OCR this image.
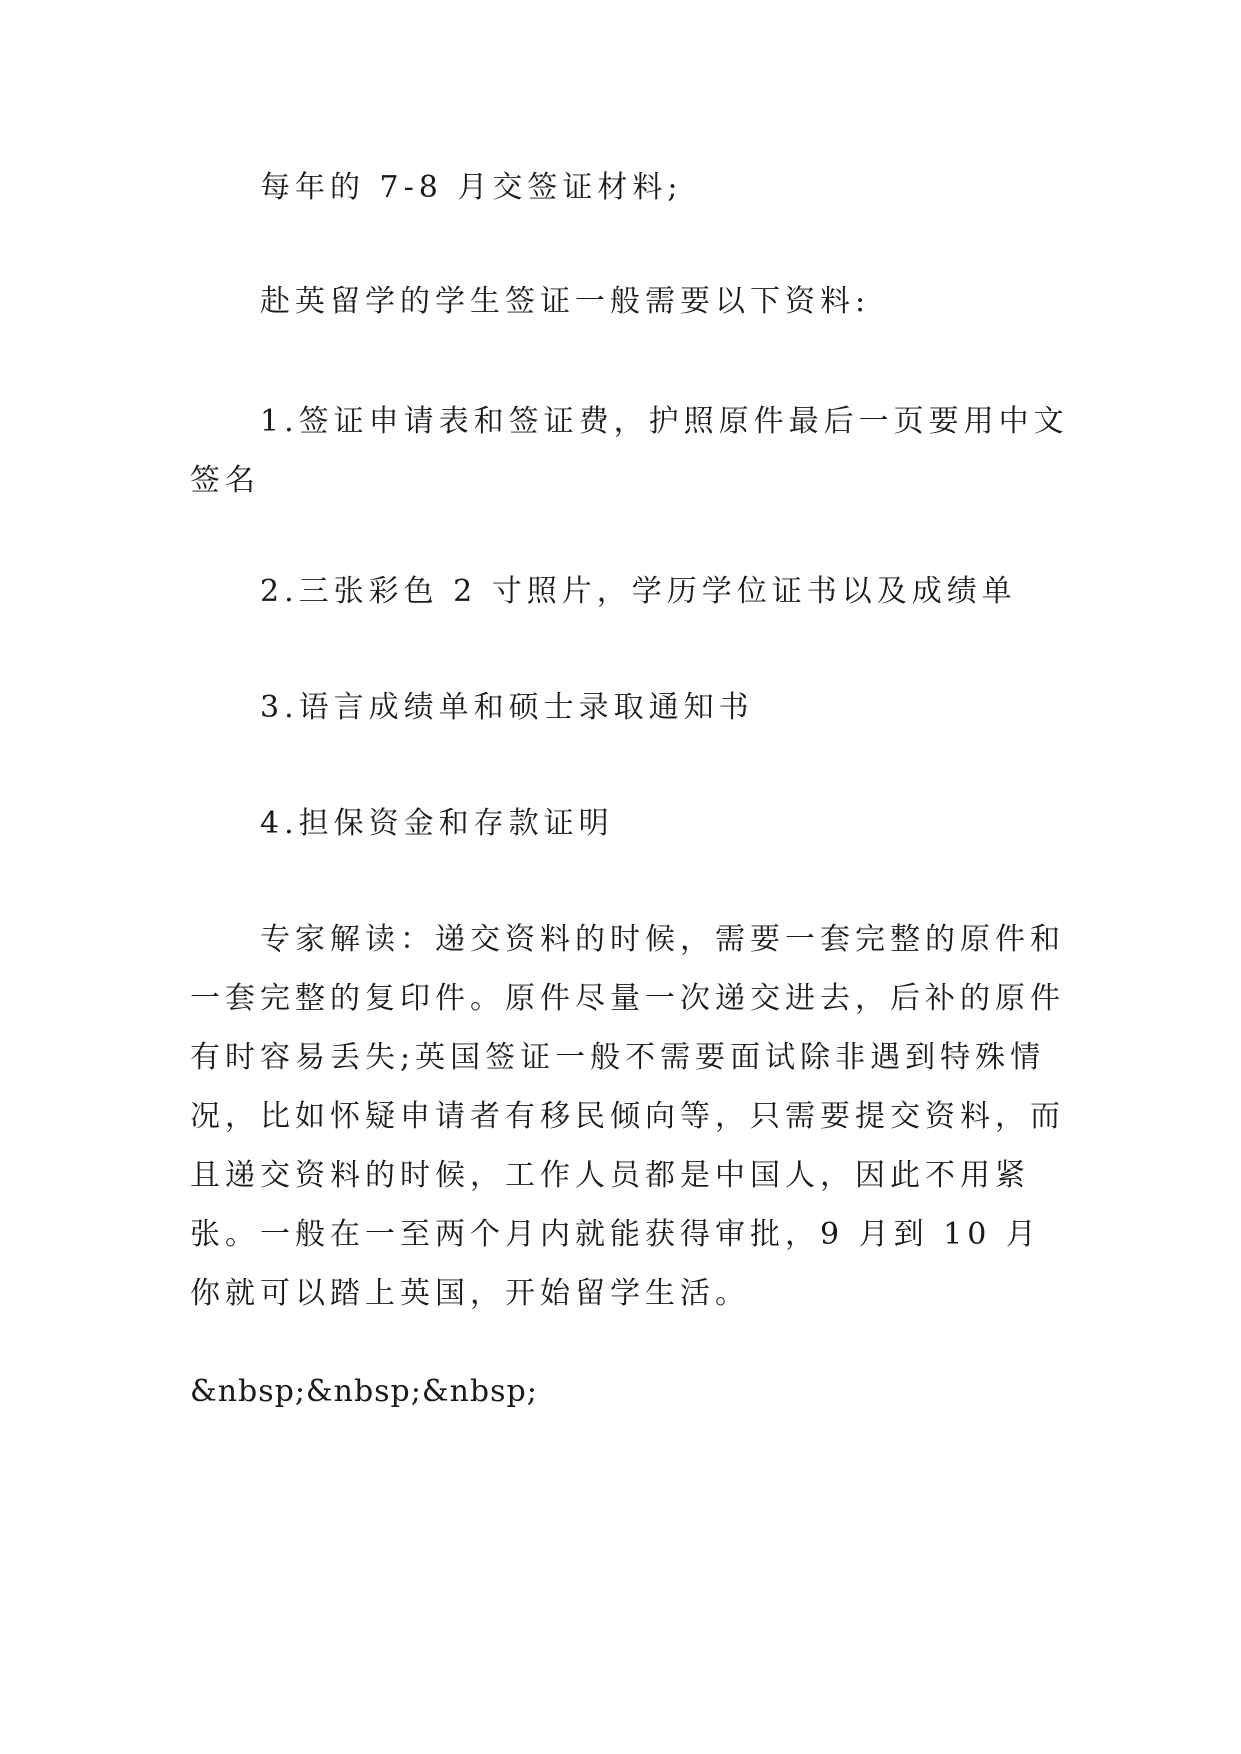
每年的 7-8 月交签证材料;

赴英留学的学生签证一般需要以下资料:

1.签证申请表和签证费，护照原件最后一页要用中文签名

2.三张彩色 2 寸照片，学历学位证书以及成绩单

3.语言成绩单和硕士录取通知书

4.担保资金和存款证明

专家解读：递交资料的时候，需要一套完整的原件和一套完整的复印件。原件尽量一次递交进去，后补的原件有时容易丢失;英国签证一般不需要面试除非遇到特殊情况，比如怀疑申请者有移民倾向等，只需要提交资料，而且递交资料的时候，工作人员都是中国人，因此不用紧张。一般在一至两个月内就能获得审批，9 月到 10 月你就可以踏上英国，开始留学生活。

&nbsp;&nbsp;&nbsp;
